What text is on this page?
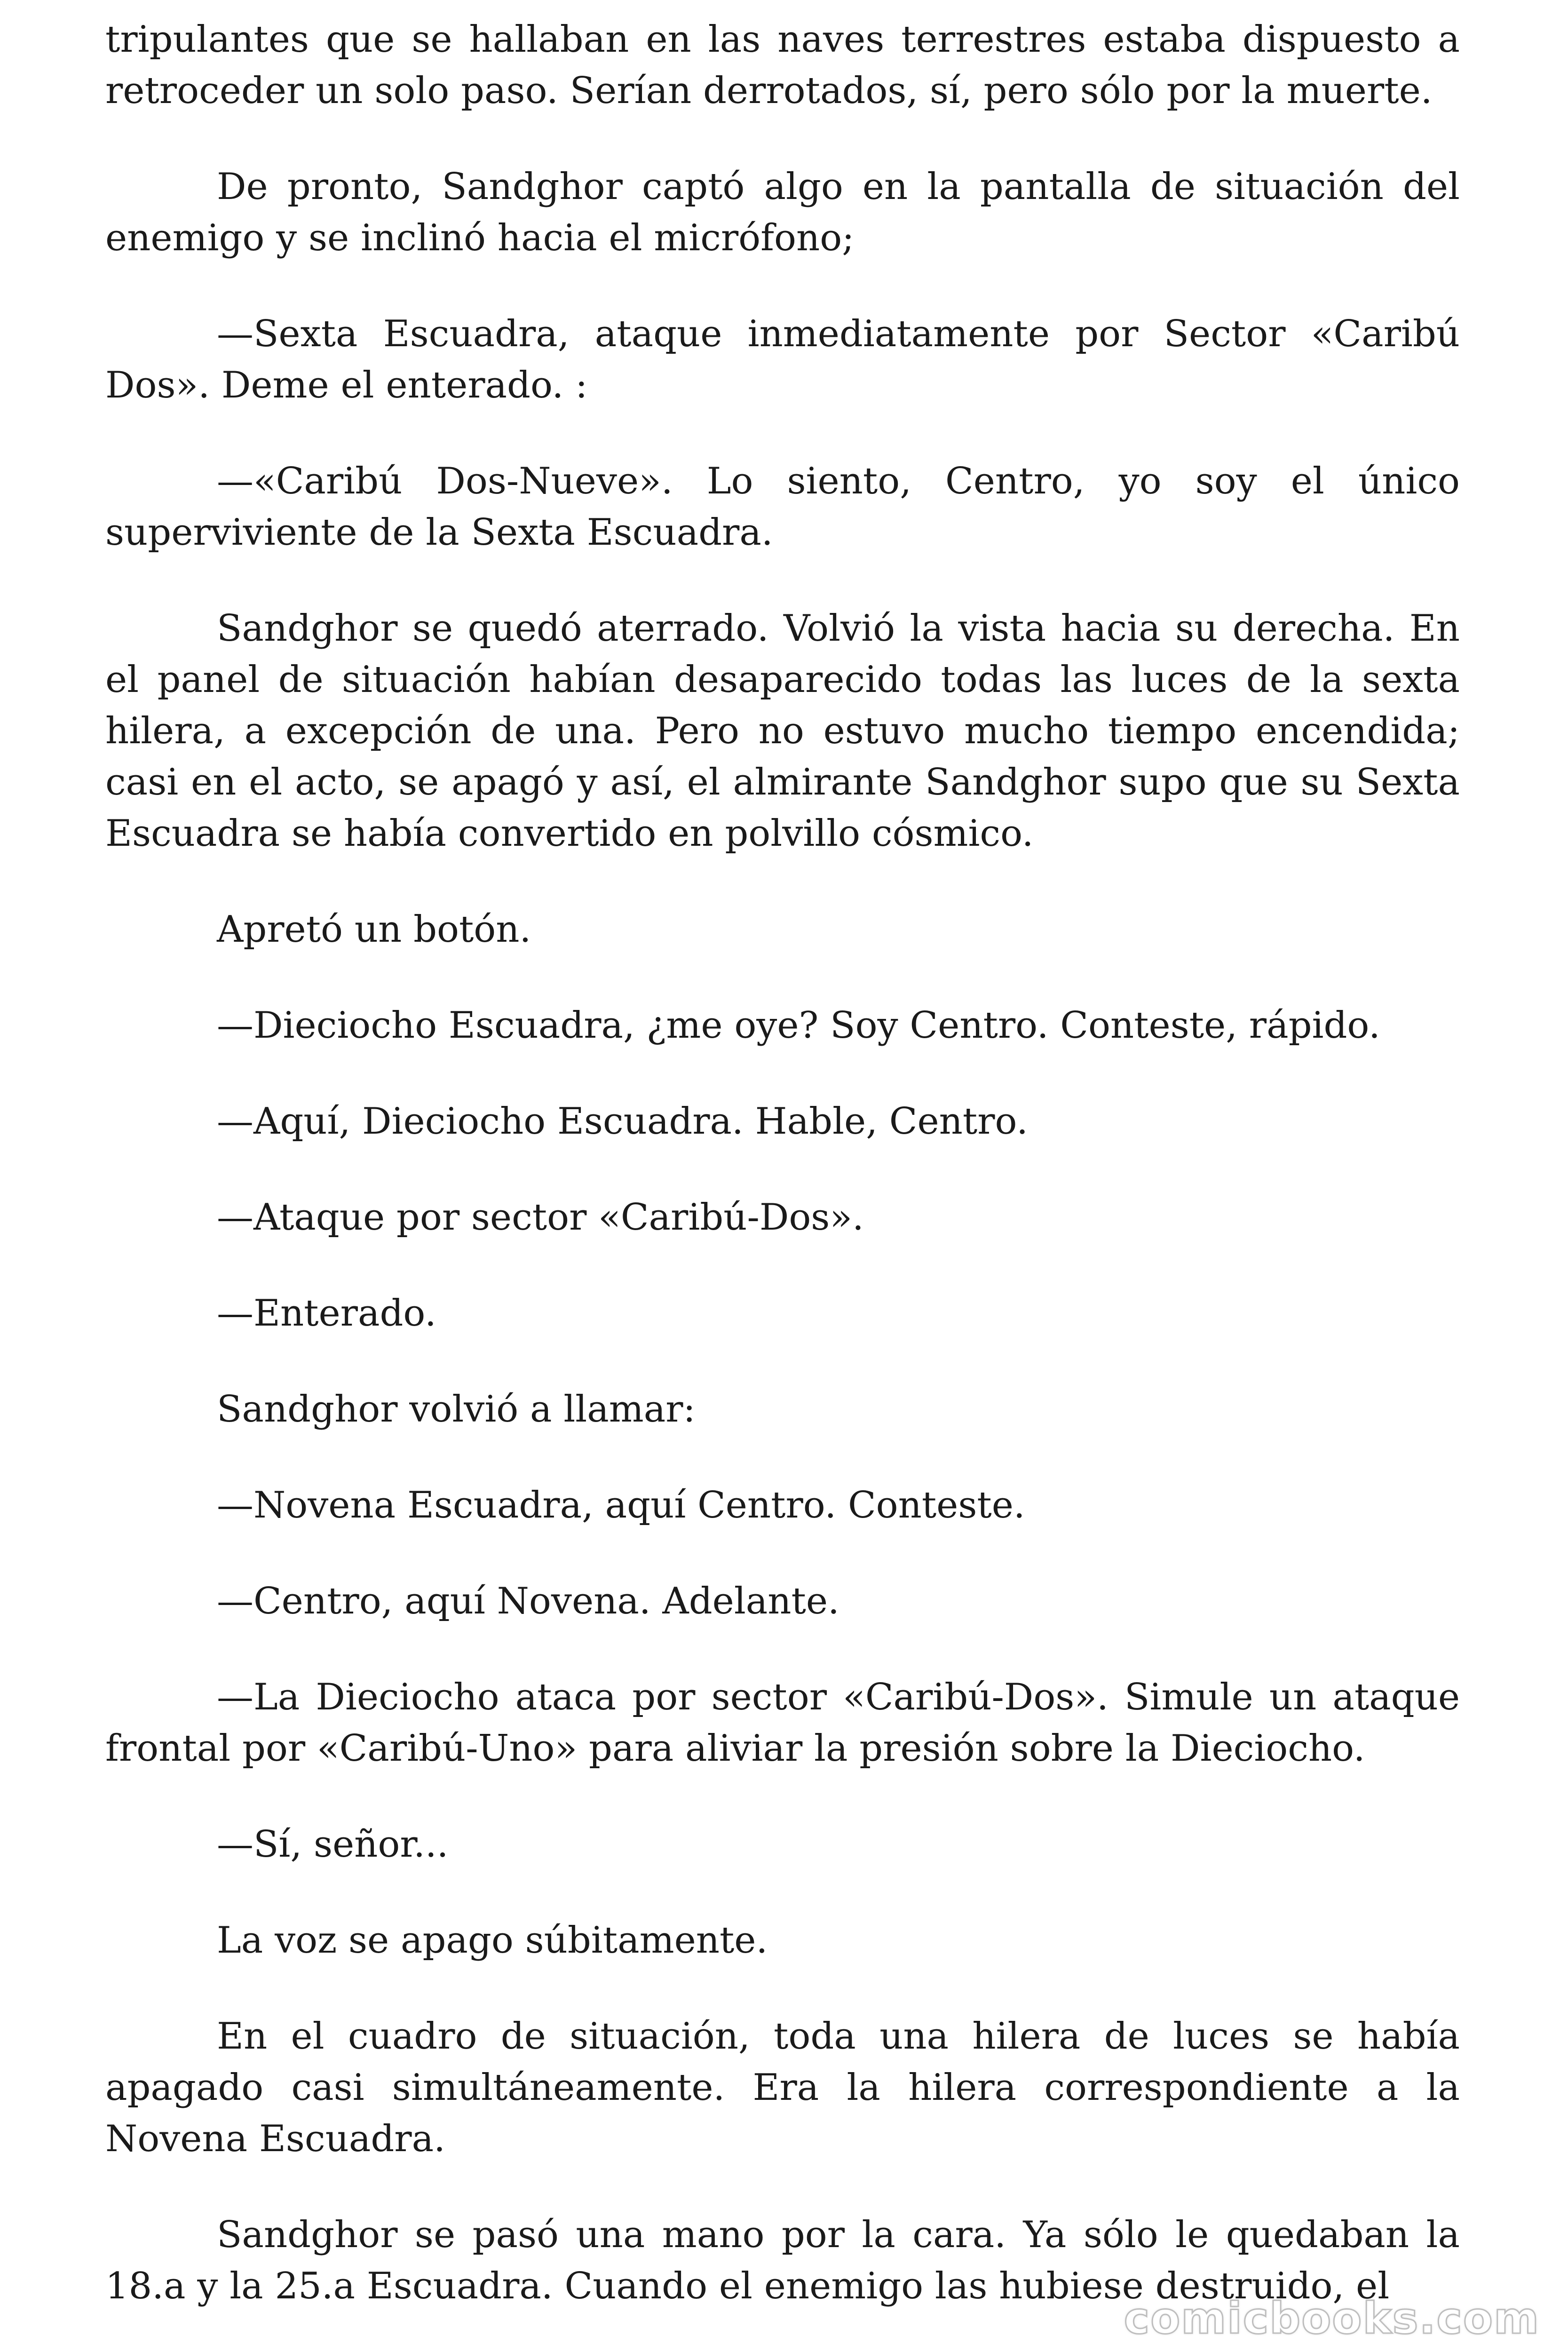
tripulantes que se hallaban en las naves terrestres estaba dispuesto a retroceder un solo paso. Serían derrotados, sí, pero sólo por la muerte.

De pronto, Sandghor captó algo en la pantalla de situación del enemigo y se inclinó hacia el micrófono;

—Sexta Escuadra, ataque inmediatamente por Sector «Caribú Dos». Deme el enterado. :

—«Caribú Dos-Nueve». Lo siento, Centro, yo soy el único superviviente de la Sexta Escuadra.

Sandghor se quedó aterrado. Volvió la vista hacia su derecha. En el panel de situación habían desaparecido todas las luces de la sexta hilera, a excepción de una. Pero no estuvo mucho tiempo encendida; casi en el acto, se apagó y así, el almirante Sandghor supo que su Sexta Escuadra se había convertido en polvillo cósmico.

Apretó un botón.

—Dieciocho Escuadra, ¿me oye? Soy Centro. Conteste, rápido.

—Aquí, Dieciocho Escuadra. Hable, Centro.

—Ataque por sector «Caribú-Dos».

—Enterado.

Sandghor volvió a llamar:

—Novena Escuadra, aquí Centro. Conteste.

—Centro, aquí Novena. Adelante.

—La Dieciocho ataca por sector «Caribú-Dos». Simule un ataque frontal por «Caribú-Uno» para aliviar la presión sobre la Dieciocho.

—Sí, señor...

La voz se apago súbitamente.

En el cuadro de situación, toda una hilera de luces se había apagado casi simultáneamente. Era la hilera correspondiente a la Novena Escuadra.

Sandghor se pasó una mano por la cara. Ya sólo le quedaban la 18.a y la 25.a Escuadra. Cuando el enemigo las hubiese destruido, el

comicbooks.com
